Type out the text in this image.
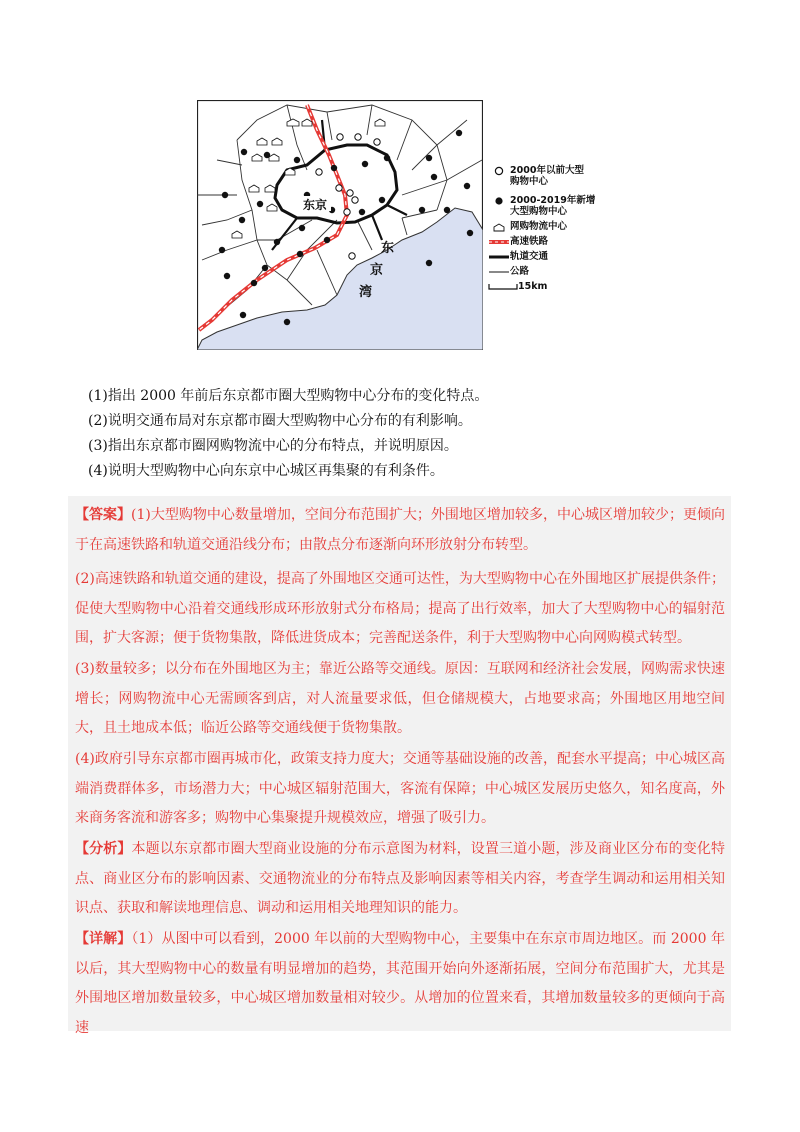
东京
东
京
湾
2000年以前大型
购物中心
2000-2019年新增
大型购物中心
网购物流中心
高速铁路
轨道交通
公路
15km
(1)指出 2000 年前后东京都市圈大型购物中心分布的变化特点。
(2)说明交通布局对东京都市圈大型购物中心分布的有利影响。
(3)指出东京都市圈网购物流中心的分布特点，并说明原因。
(4)说明大型购物中心向东京中心城区再集聚的有利条件。
【答案】(1)大型购物中心数量增加，空间分布范围扩大；外围地区增加较多，中心城区增加较少；更倾向于在高速铁路和轨道交通沿线分布；由散点分布逐渐向环形放射分布转型。
(2)高速铁路和轨道交通的建设，提高了外围地区交通可达性，为大型购物中心在外围地区扩展提供条件；促使大型购物中心沿着交通线形成环形放射式分布格局；提高了出行效率，加大了大型购物中心的辐射范围，扩大客源；便于货物集散，降低进货成本；完善配送条件，利于大型购物中心向网购模式转型。
(3)数量较多；以分布在外围地区为主；靠近公路等交通线。原因：互联网和经济社会发展，网购需求快速增长；网购物流中心无需顾客到店，对人流量要求低，但仓储规模大，占地要求高；外围地区用地空间大，且土地成本低；临近公路等交通线便于货物集散。
(4)政府引导东京都市圈再城市化，政策支持力度大；交通等基础设施的改善，配套水平提高；中心城区高端消费群体多，市场潜力大；中心城区辐射范围大，客流有保障；中心城区发展历史悠久，知名度高，外来商务客流和游客多；购物中心集聚提升规模效应，增强了吸引力。
【分析】本题以东京都市圈大型商业设施的分布示意图为材料，设置三道小题，涉及商业区分布的变化特点、商业区分布的影响因素、交通物流业的分布特点及影响因素等相关内容，考查学生调动和运用相关知识点、获取和解读地理信息、调动和运用相关地理知识的能力。
【详解】（1）从图中可以看到，2000 年以前的大型购物中心，主要集中在东京市周边地区。而 2000 年以后，其大型购物中心的数量有明显增加的趋势，其范围开始向外逐渐拓展，空间分布范围扩大，尤其是外围地区增加数量较多，中心城区增加数量相对较少。从增加的位置来看，其增加数量较多的更倾向于高速
